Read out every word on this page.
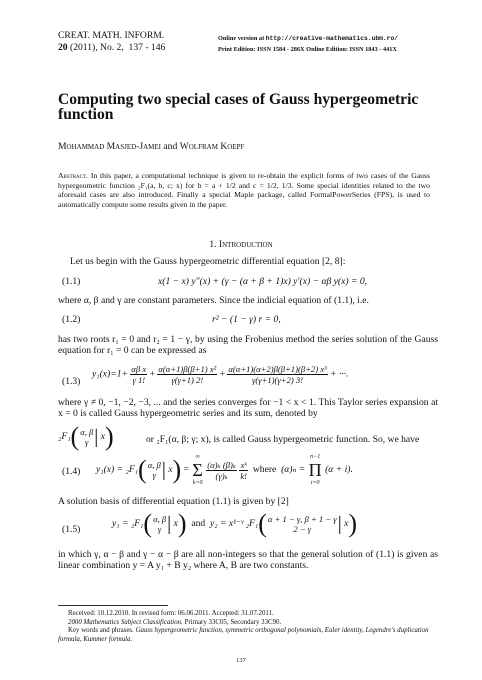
CREAT. MATH. INFORM.
20 (2011), No. 2, 137 - 146
Online version at http://creative-mathematics.ubm.ro/
Print Edition: ISSN 1584 - 286X Online Edition: ISSN 1843 - 441X
Computing two special cases of Gauss hypergeometric function
Mohammad Masjed-Jamei and Wolfram Koepf
Abstract. In this paper, a computational technique is given to re-obtain the explicit forms of two cases of the Gauss hypergeometric function ₂F₁(a, b, c; x) for b = a + 1/2 and c = 1/2, 1/3. Some special identities related to the two aforesaid cases are also introduced. Finally a special Maple package, called FormalPowerSeries (FPS), is used to automatically compute some results given in the paper.
1. Introduction
Let us begin with the Gauss hypergeometric differential equation [2, 8]:
(1.1)	x(1 − x) y″(x) + (γ − (α + β + 1)x) y′(x) − αβ y(x) = 0,
where α, β and γ are constant parameters. Since the indicial equation of (1.1), i.e.
(1.2)	r² − (1 − γ) r = 0,
has two roots r₁ = 0 and r₂ = 1 − γ, by using the Frobenius method the series solution of the Gauss equation for r₁ = 0 can be expressed as
(1.3)
$y_1(x)=1+ \frac{\text{αβ x}}{\gamma 1!} + \frac{\text{α(α+1)β(β+1) x²}}{\gamma(\gamma+1) 2!} + \frac{\text{α(α+1)(α+2)β(β+1)(β+2) x³}}{\gamma(\gamma+1)(\gamma+2) 3!}$ + ···.
where γ ≠ 0, −1, −2, −3, ... and the series converges for −1 < x < 1. This Taylor series expansion at x = 0 is called Gauss hypergeometric series and its sum, denoted by
₂F₁( α, β
γ | x)	or ₂F₁(α, β; γ; x), is called Gauss hypergeometric function. So, we have
(1.4) y₁(x) = ₂F₁( α, β
γ | x) =
∞
Σ
k=0

$\frac{\text{(α)ₖ (β)ₖ}}{\text{(γ)ₖ}}$
$\frac{\text{xᵏ}}{k!}$ where (α)ₙ =
n−1
Π
i=0
(α + i).
A solution basis of differential equation (1.1) is given by [2]
(1.5)
y₁ = ₂F₁( α, β
γ | x) and y₂ = x¹⁻ᵞ ₂F₁( α + 1 − γ, β + 1 − γ
2 − γ	| x)
in which γ, α − β and γ − α − β are all non-integers so that the general solution of (1.1) is given as linear combination y = A y₁ + B y₂ where A, B are two constants.
Received: 10.12.2010. In revised form: 06.06.2011. Accepted: 31.07.2011.
2000 Mathematics Subject Classification. Primary 33C05, Secondary 33C90.
Key words and phrases. Gauss hypergeometric function, symmetric orthogonal polynomials, Euler identity, Legendre's duplication formula, Kummer formula.
137
